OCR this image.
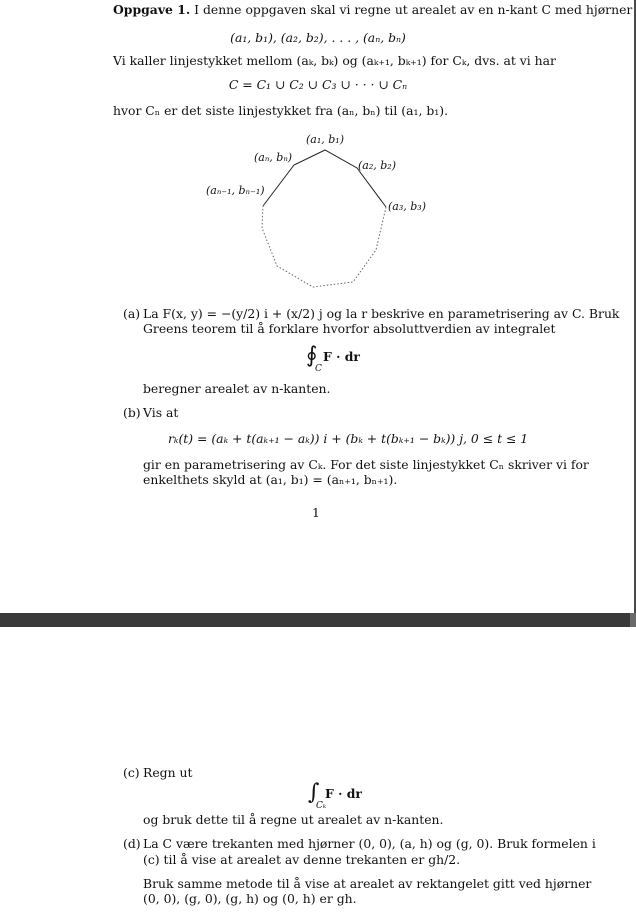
Oppgave 1. I denne oppgaven skal vi regne ut arealet av en n-kant C med hjørner
(a₁, b₁), (a₂, b₂), . . . , (aₙ, bₙ)
Vi kaller linjestykket mellom (aₖ, bₖ) og (aₖ₊₁, bₖ₊₁) for Cₖ, dvs. at vi har
C = C₁ ∪ C₂ ∪ C₃ ∪ · · · ∪ Cₙ
hvor Cₙ er det siste linjestykket fra (aₙ, bₙ) til (a₁, b₁).
(a₁, b₁)
(aₙ, bₙ)
(a₂, b₂)
(aₙ₋₁, bₙ₋₁)
(a₃, b₃)
(a) La F(x, y) = −(y/2) i + (x/2) j og la r beskrive en parametrisering av C. Bruk
Greens teorem til å forklare hvorfor absoluttverdien av integralet
∮
C
F · dr
beregner arealet av n-kanten.
(b) Vis at
rₖ(t) = (aₖ + t(aₖ₊₁ − aₖ)) i + (bₖ + t(bₖ₊₁ − bₖ)) j, 0 ≤ t ≤ 1
gir en parametrisering av Cₖ. For det siste linjestykket Cₙ skriver vi for
enkelthets skyld at (a₁, b₁) = (aₙ₊₁, bₙ₊₁).
1
(c) Regn ut
∫
Cₖ
F · dr
og bruk dette til å regne ut arealet av n-kanten.
(d) La C være trekanten med hjørner (0, 0), (a, h) og (g, 0). Bruk formelen i
(c) til å vise at arealet av denne trekanten er gh/2.
Bruk samme metode til å vise at arealet av rektangelet gitt ved hjørner
(0, 0), (g, 0), (g, h) og (0, h) er gh.
